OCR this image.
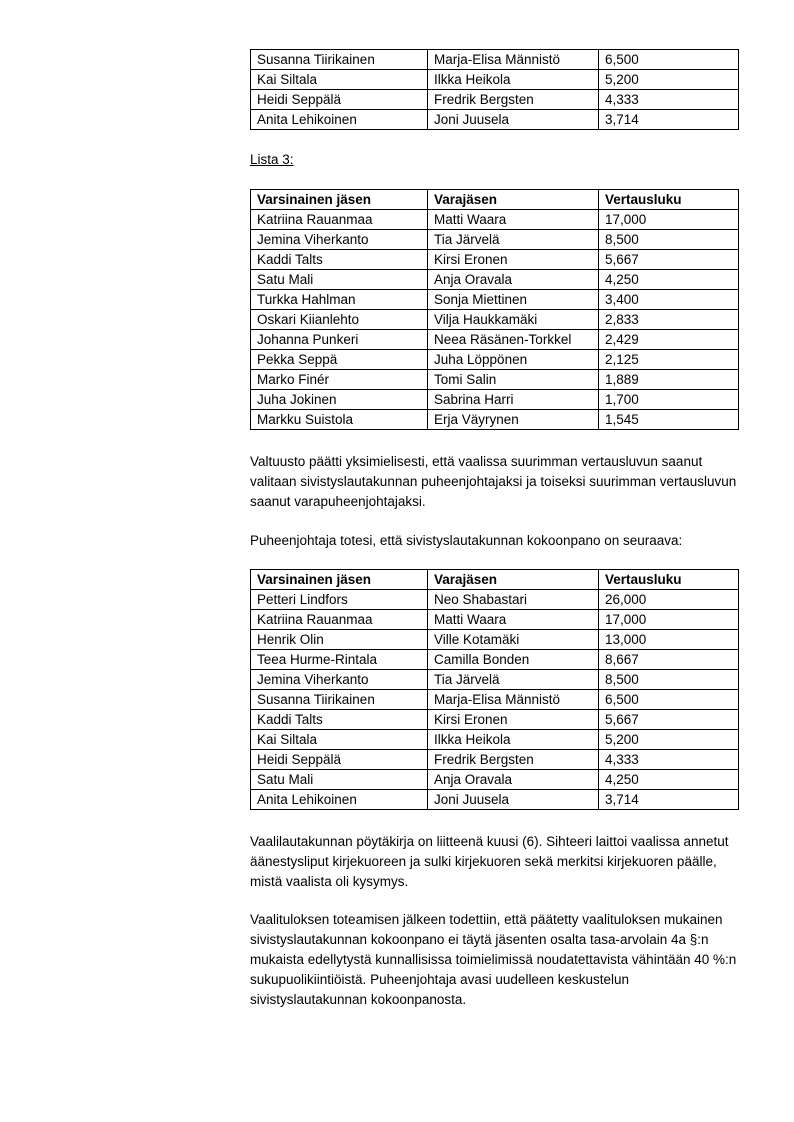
Susanna Tiirikainen	Marja-Elisa Männistö	6,500
Kai Siltala	Ilkka Heikola	5,200
Heidi Seppälä	Fredrik Bergsten	4,333
Anita Lehikoinen	Joni Juusela	3,714
Lista 3:
Varsinainen jäsen	Varajäsen	Vertausluku
Katriina Rauanmaa	Matti Waara	17,000
Jemina Viherkanto	Tia Järvelä	8,500
Kaddi Talts	Kirsi Eronen	5,667
Satu Mali	Anja Oravala	4,250
Turkka Hahlman	Sonja Miettinen	3,400
Oskari Kiianlehto	Vilja Haukkamäki	2,833
Johanna Punkeri	Neea Räsänen-Torkkel	2,429
Pekka Seppä	Juha Löppönen	2,125
Marko Finér	Tomi Salin	1,889
Juha Jokinen	Sabrina Harri	1,700
Markku Suistola	Erja Väyrynen	1,545

Valtuusto päätti yksimielisesti, että vaalissa suurimman vertausluvun saanut valitaan sivistyslautakunnan puheenjohtajaksi ja toiseksi suurimman vertausluvun saanut varapuheenjohtajaksi.

Puheenjohtaja totesi, että sivistyslautakunnan kokoonpano on seuraava:

Varsinainen jäsen	Varajäsen	Vertausluku
Petteri Lindfors	Neo Shabastari	26,000
Katriina Rauanmaa	Matti Waara	17,000
Henrik Olin	Ville Kotamäki	13,000
Teea Hurme-Rintala	Camilla Bonden	8,667
Jemina Viherkanto	Tia Järvelä	8,500
Susanna Tiirikainen	Marja-Elisa Männistö	6,500
Kaddi Talts	Kirsi Eronen	5,667
Kai Siltala	Ilkka Heikola	5,200
Heidi Seppälä	Fredrik Bergsten	4,333
Satu Mali	Anja Oravala	4,250
Anita Lehikoinen	Joni Juusela	3,714

Vaalilautakunnan pöytäkirja on liitteenä kuusi (6). Sihteeri laittoi vaalissa annetut äänestysliput kirjekuoreen ja sulki kirjekuoren sekä merkitsi kirjekuoren päälle, mistä vaalista oli kysymys.

Vaalituloksen toteamisen jälkeen todettiin, että päätetty vaalituloksen mukainen sivistyslautakunnan kokoonpano ei täytä jäsenten osalta tasa-arvolain 4a §:n mukaista edellytystä kunnallisissa toimielimissä noudatettavista vähintään 40 %:n sukupuolikiintiöistä. Puheenjohtaja avasi uudelleen keskustelun sivistyslautakunnan kokoonpanosta.
